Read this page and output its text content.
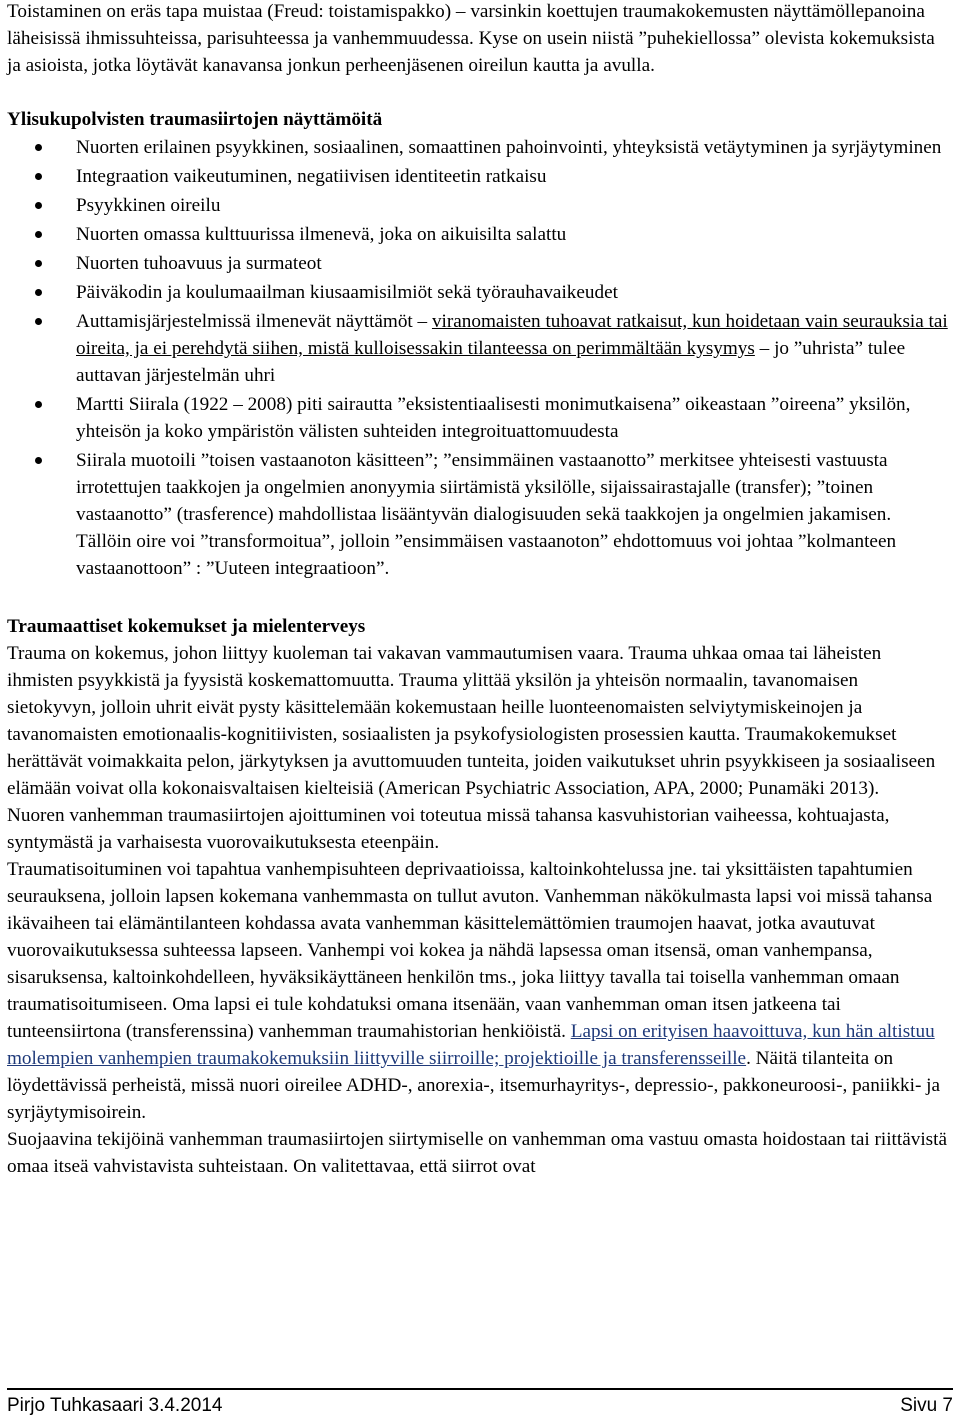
Toistaminen on eräs tapa muistaa (Freud: toistamispakko) – varsinkin koettujen traumakokemusten näyttämöllepanoina läheisissä ihmissuhteissa, parisuhteessa ja vanhemmuudessa. Kyse on usein niistä ”puhekiellossa” olevista kokemuksista ja asioista, jotka löytävät kanavansa jonkun perheenjäsenen oireilun kautta ja avulla.

Ylisukupolvisten traumasiirtojen näyttämöitä

Nuorten erilainen psyykkinen, sosiaalinen, somaattinen pahoinvointi, yhteyksistä vetäytyminen ja syrjäytyminen
Integraation vaikeutuminen, negatiivisen identiteetin ratkaisu
Psyykkinen oireilu
Nuorten omassa kulttuurissa ilmenevä, joka on aikuisilta salattu
Nuorten tuhoavuus ja surmateot
Päiväkodin ja koulumaailman kiusaamisilmiöt sekä työrauhavaikeudet
Auttamisjärjestelmissä ilmenevät näyttämöt – viranomaisten tuhoavat ratkaisut, kun hoidetaan vain seurauksia tai oireita, ja ei perehdytä siihen, mistä kulloisessakin tilanteessa on perimmältään kysymys – jo ”uhrista” tulee auttavan järjestelmän uhri
Martti Siirala (1922 – 2008) piti sairautta ”eksistentiaalisesti monimutkaisena” oikeastaan ”oireena” yksilön, yhteisön ja koko ympäristön välisten suhteiden integroituattomuudesta
Siirala muotoili ”toisen vastaanoton käsitteen”; ”ensimmäinen vastaanotto” merkitsee yhteisesti vastuusta irrotettujen taakkojen ja ongelmien anonyymia siirtämistä yksilölle, sijaissairastajalle (transfer); ”toinen vastaanotto” (trasference) mahdollistaa lisääntyvän dialogisuuden sekä taakkojen ja ongelmien jakamisen. Tällöin oire voi ”transformoitua”, jolloin ”ensimmäisen vastaanoton” ehdottomuus voi johtaa ”kolmanteen vastaanottoon” : ”Uuteen integraatioon”.

Traumaattiset kokemukset ja mielenterveys

Trauma on kokemus, johon liittyy kuoleman tai vakavan vammautumisen vaara. Trauma uhkaa omaa tai läheisten ihmisten psyykkistä ja fyysistä koskemattomuutta. Trauma ylittää yksilön ja yhteisön normaalin, tavanomaisen sietokyvyn, jolloin uhrit eivät pysty käsittelemään kokemustaan heille luonteenomaisten selviytymiskeinojen ja tavanomaisten emotionaalis-kognitiivisten, sosiaalisten ja psykofysiologisten prosessien kautta. Traumakokemukset herättävät voimakkaita pelon, järkytyksen ja avuttomuuden tunteita, joiden vaikutukset uhrin psyykkiseen ja sosiaaliseen elämään voivat olla kokonaisvaltaisen kielteisiä (American Psychiatric Association, APA, 2000; Punamäki 2013).

Nuoren vanhemman traumasiirtojen ajoittuminen voi toteutua missä tahansa kasvuhistorian vaiheessa, kohtuajasta, syntymästä ja varhaisesta vuorovaikutuksesta eteenpäin.

Traumatisoituminen voi tapahtua vanhempisuhteen deprivaatioissa, kaltoinkohtelussa jne. tai yksittäisten tapahtumien seurauksena, jolloin lapsen kokemana vanhemmasta on tullut avuton. Vanhemman näkökulmasta lapsi voi missä tahansa ikävaiheen tai elämäntilanteen kohdassa avata vanhemman käsittelemättömien traumojen haavat, jotka avautuvat vuorovaikutuksessa suhteessa lapseen. Vanhempi voi kokea ja nähdä lapsessa oman itsensä, oman vanhempansa, sisaruksensa, kaltoinkohdelleen, hyväksikäyttäneen henkilön tms., joka liittyy tavalla tai toisella vanhemman omaan traumatisoitumiseen. Oma lapsi ei tule kohdatuksi omana itsenään, vaan vanhemman oman itsen jatkeena tai tunteensiirtona (transferenssina) vanhemman traumahistorian henkiöistä. Lapsi on erityisen haavoittuva, kun hän altistuu molempien vanhempien traumakokemuksiin liittyville siirroille; projektioille ja transferensseille. Näitä tilanteita on löydettävissä perheistä, missä nuori oireilee ADHD-, anorexia-, itsemurhayritys-, depressio-, pakkoneuroosi-, paniikki- ja syrjäytymisoirein.

Suojaavina tekijöinä vanhemman traumasiirtojen siirtymiselle on vanhemman oma vastuu omasta hoidostaan tai riittävistä omaa itseä vahvistavista suhteistaan. On valitettavaa, että siirrot ovat

Pirjo Tuhkasaari 3.4.2014	Sivu 7
